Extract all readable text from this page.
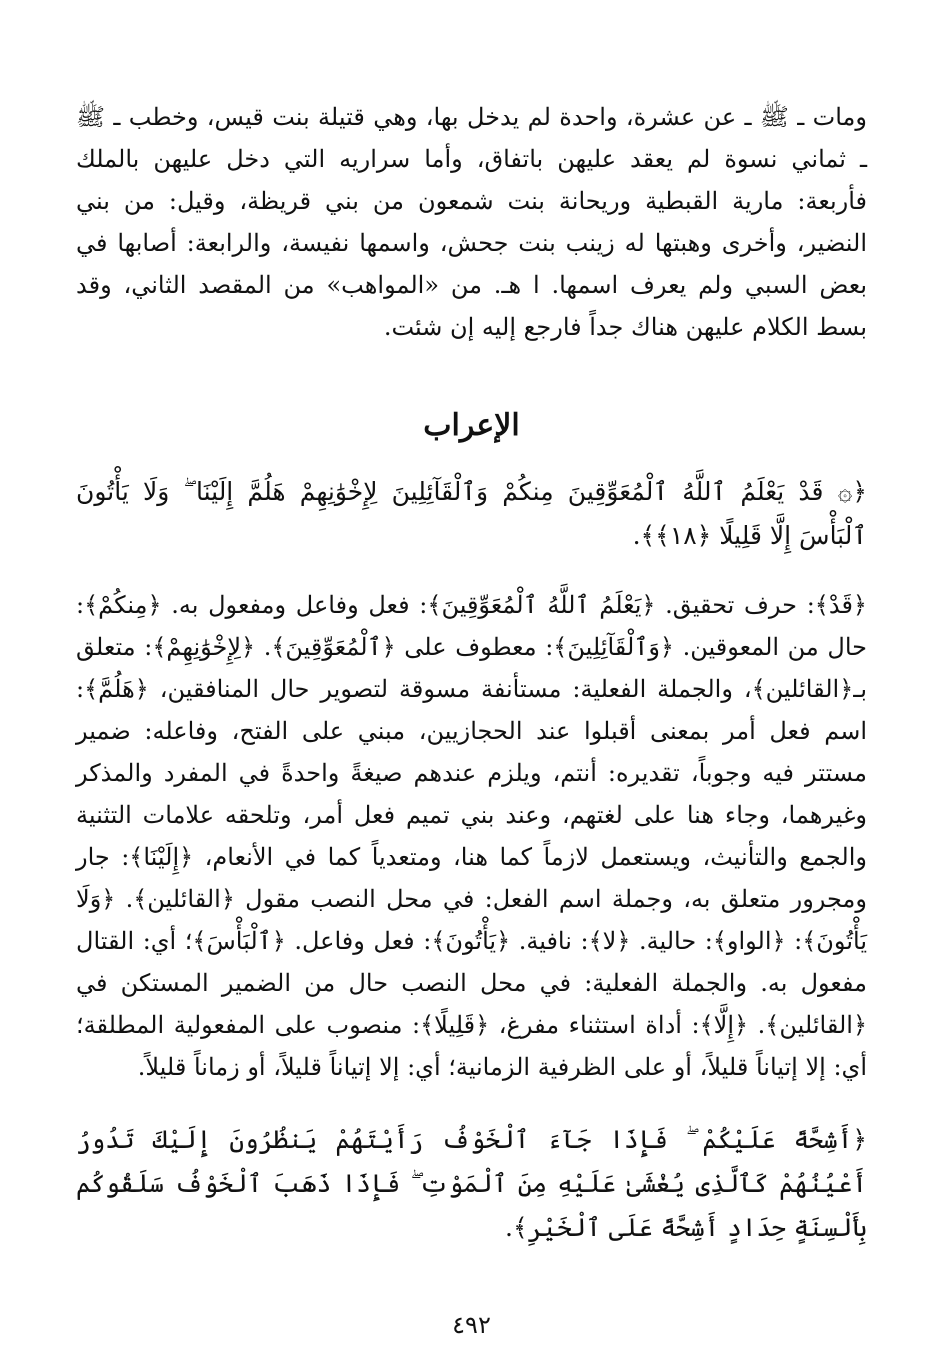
ومات ـ ﷺ ـ عن عشرة، واحدة لم يدخل بها، وهي قتيلة بنت قيس، وخطب ـ ﷺ ـ ثماني نسوة لم يعقد عليهن باتفاق، وأما سراريه التي دخل عليهن بالملك فأربعة: مارية القبطية وريحانة بنت شمعون من بني قريظة، وقيل: من بني النضير، وأخرى وهبتها له زينب بنت جحش، واسمها نفيسة، والرابعة: أصابها في بعض السبي ولم يعرف اسمها. ا هـ. من «المواهب» من المقصد الثاني، وقد بسط الكلام عليهن هناك جداً فارجع إليه إن شئت.

الإعراب

﴿۞ قَدْ يَعْلَمُ ٱللَّهُ ٱلْمُعَوِّقِينَ مِنكُمْ وَٱلْقَآئِلِينَ لِإِخْوَٰنِهِمْ هَلُمَّ إِلَيْنَا ۖ وَلَا يَأْتُونَ ٱلْبَأْسَ إِلَّا قَلِيلًا ﴿١٨﴾﴾.

﴿قَدْ﴾: حرف تحقيق. ﴿يَعْلَمُ ٱللَّهُ ٱلْمُعَوِّقِينَ﴾: فعل وفاعل ومفعول به. ﴿مِنكُمْ﴾: حال من المعوقين. ﴿وَٱلْقَآئِلِينَ﴾: معطوف على ﴿ٱلْمُعَوِّقِينَ﴾. ﴿لِإِخْوَٰنِهِمْ﴾: متعلق بـ﴿القائلين﴾، والجملة الفعلية: مستأنفة مسوقة لتصوير حال المنافقين، ﴿هَلُمَّ﴾: اسم فعل أمر بمعنى أقبلوا عند الحجازيين، مبني على الفتح، وفاعله: ضمير مستتر فيه وجوباً، تقديره: أنتم، ويلزم عندهم صيغةً واحدةً في المفرد والمذكر وغيرهما، وجاء هنا على لغتهم، وعند بني تميم فعل أمر، وتلحقه علامات التثنية والجمع والتأنيث، ويستعمل لازماً كما هنا، ومتعدياً كما في الأنعام، ﴿إِلَيْنَا﴾: جار ومجرور متعلق به، وجملة اسم الفعل: في محل النصب مقول ﴿القائلين﴾. ﴿وَلَا يَأْتُونَ﴾: ﴿الواو﴾: حالية. ﴿لا﴾: نافية. ﴿يَأْتُونَ﴾: فعل وفاعل. ﴿ٱلْبَأْسَ﴾؛ أي: القتال مفعول به. والجملة الفعلية: في محل النصب حال من الضمير المستكن في ﴿القائلين﴾. ﴿إِلَّا﴾: أداة استثناء مفرغ، ﴿قَلِيلًا﴾: منصوب على المفعولية المطلقة؛ أي: إلا إتياناً قليلاً، أو على الظرفية الزمانية؛ أي: إلا إتياناً قليلاً، أو زماناً قليلاً.

﴿أَشِحَّةً عَلَيْكُمْ ۖ فَإِذَا جَآءَ ٱلْخَوْفُ رَأَيْتَهُمْ يَنظُرُونَ إِلَيْكَ تَدُورُ أَعْيُنُهُمْ كَٱلَّذِى يُغْشَىٰ عَلَيْهِ مِنَ ٱلْمَوْتِ ۖ فَإِذَا ذَهَبَ ٱلْخَوْفُ سَلَقُوكُم بِأَلْسِنَةٍ حِدَادٍ أَشِحَّةً عَلَى ٱلْخَيْرِ﴾.

٤٩٢
